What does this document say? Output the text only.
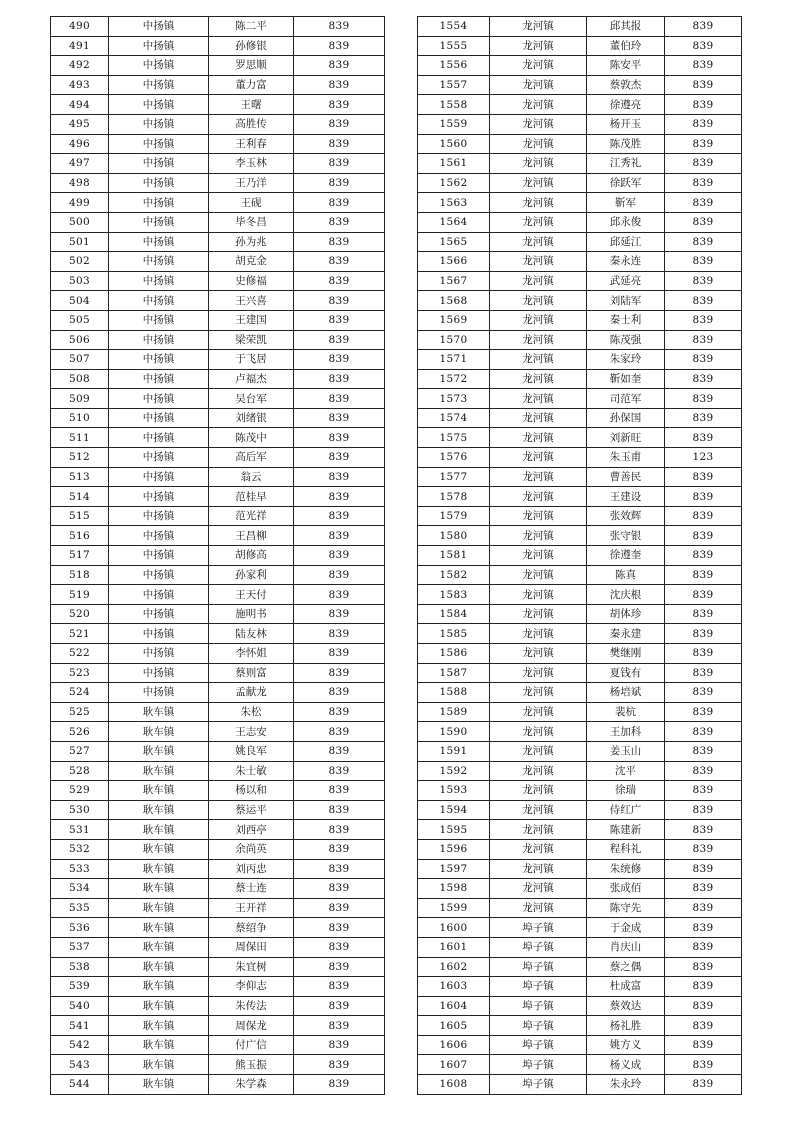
490	中扬镇	陈二平	839
491	中扬镇	孙修银	839
492	中扬镇	罗思顺	839
493	中扬镇	董力富	839
494	中扬镇	王曙	839
495	中扬镇	高胜传	839
496	中扬镇	王利春	839
497	中扬镇	李玉林	839
498	中扬镇	王乃洋	839
499	中扬镇	王砚	839
500	中扬镇	毕冬昌	839
501	中扬镇	孙为兆	839
502	中扬镇	胡克金	839
503	中扬镇	史修福	839
504	中扬镇	王兴喜	839
505	中扬镇	王建国	839
506	中扬镇	梁荣凯	839
507	中扬镇	于飞居	839
508	中扬镇	卢福杰	839
509	中扬镇	吴台军	839
510	中扬镇	刘绪银	839
511	中扬镇	陈茂中	839
512	中扬镇	高后军	839
513	中扬镇	翁云	839
514	中扬镇	范桂早	839
515	中扬镇	范光祥	839
516	中扬镇	王昌柳	839
517	中扬镇	胡修高	839
518	中扬镇	孙家利	839
519	中扬镇	王天付	839
520	中扬镇	施明书	839
521	中扬镇	陆友林	839
522	中扬镇	李怀姐	839
523	中扬镇	蔡则富	839
524	中扬镇	孟献龙	839
525	耿车镇	朱松	839
526	耿车镇	王志安	839
527	耿车镇	姚良军	839
528	耿车镇	朱士敏	839
529	耿车镇	杨以和	839
530	耿车镇	蔡运平	839
531	耿车镇	刘西亭	839
532	耿车镇	余尚英	839
533	耿车镇	刘丙忠	839
534	耿车镇	蔡士连	839
535	耿车镇	王开祥	839
536	耿车镇	蔡绍争	839
537	耿车镇	周保田	839
538	耿车镇	朱宜树	839
539	耿车镇	李仰志	839
540	耿车镇	朱传法	839
541	耿车镇	周保龙	839
542	耿车镇	付广信	839
543	耿车镇	熊玉振	839
544	耿车镇	朱学森	839
1554	龙河镇	邱其报	839
1555	龙河镇	董伯玲	839
1556	龙河镇	陈安平	839
1557	龙河镇	蔡敦杰	839
1558	龙河镇	徐遵亮	839
1559	龙河镇	杨开玉	839
1560	龙河镇	陈茂胜	839
1561	龙河镇	江秀礼	839
1562	龙河镇	徐跃军	839
1563	龙河镇	靳军	839
1564	龙河镇	邱永俊	839
1565	龙河镇	邱延江	839
1566	龙河镇	秦永连	839
1567	龙河镇	武延亮	839
1568	龙河镇	刘陆军	839
1569	龙河镇	秦士利	839
1570	龙河镇	陈茂强	839
1571	龙河镇	朱家玲	839
1572	龙河镇	靳如奎	839
1573	龙河镇	司范军	839
1574	龙河镇	孙保国	839
1575	龙河镇	刘新旺	839
1576	龙河镇	朱玉甫	123
1577	龙河镇	曹善民	839
1578	龙河镇	王建设	839
1579	龙河镇	张效辉	839
1580	龙河镇	张守银	839
1581	龙河镇	徐遵奎	839
1582	龙河镇	陈真	839
1583	龙河镇	沈庆根	839
1584	龙河镇	胡体珍	839
1585	龙河镇	秦永建	839
1586	龙河镇	樊继刚	839
1587	龙河镇	夏钱有	839
1588	龙河镇	杨培斌	839
1589	龙河镇	裴杭	839
1590	龙河镇	王加科	839
1591	龙河镇	姜玉山	839
1592	龙河镇	沈平	839
1593	龙河镇	徐瑞	839
1594	龙河镇	侍红广	839
1595	龙河镇	陈建新	839
1596	龙河镇	程科礼	839
1597	龙河镇	朱统修	839
1598	龙河镇	张成佰	839
1599	龙河镇	陈守先	839
1600	埠子镇	于金成	839
1601	埠子镇	肖庆山	839
1602	埠子镇	蔡之偶	839
1603	埠子镇	杜成富	839
1604	埠子镇	蔡效达	839
1605	埠子镇	杨礼胜	839
1606	埠子镇	姚方义	839
1607	埠子镇	杨义成	839
1608	埠子镇	朱永玲	839
